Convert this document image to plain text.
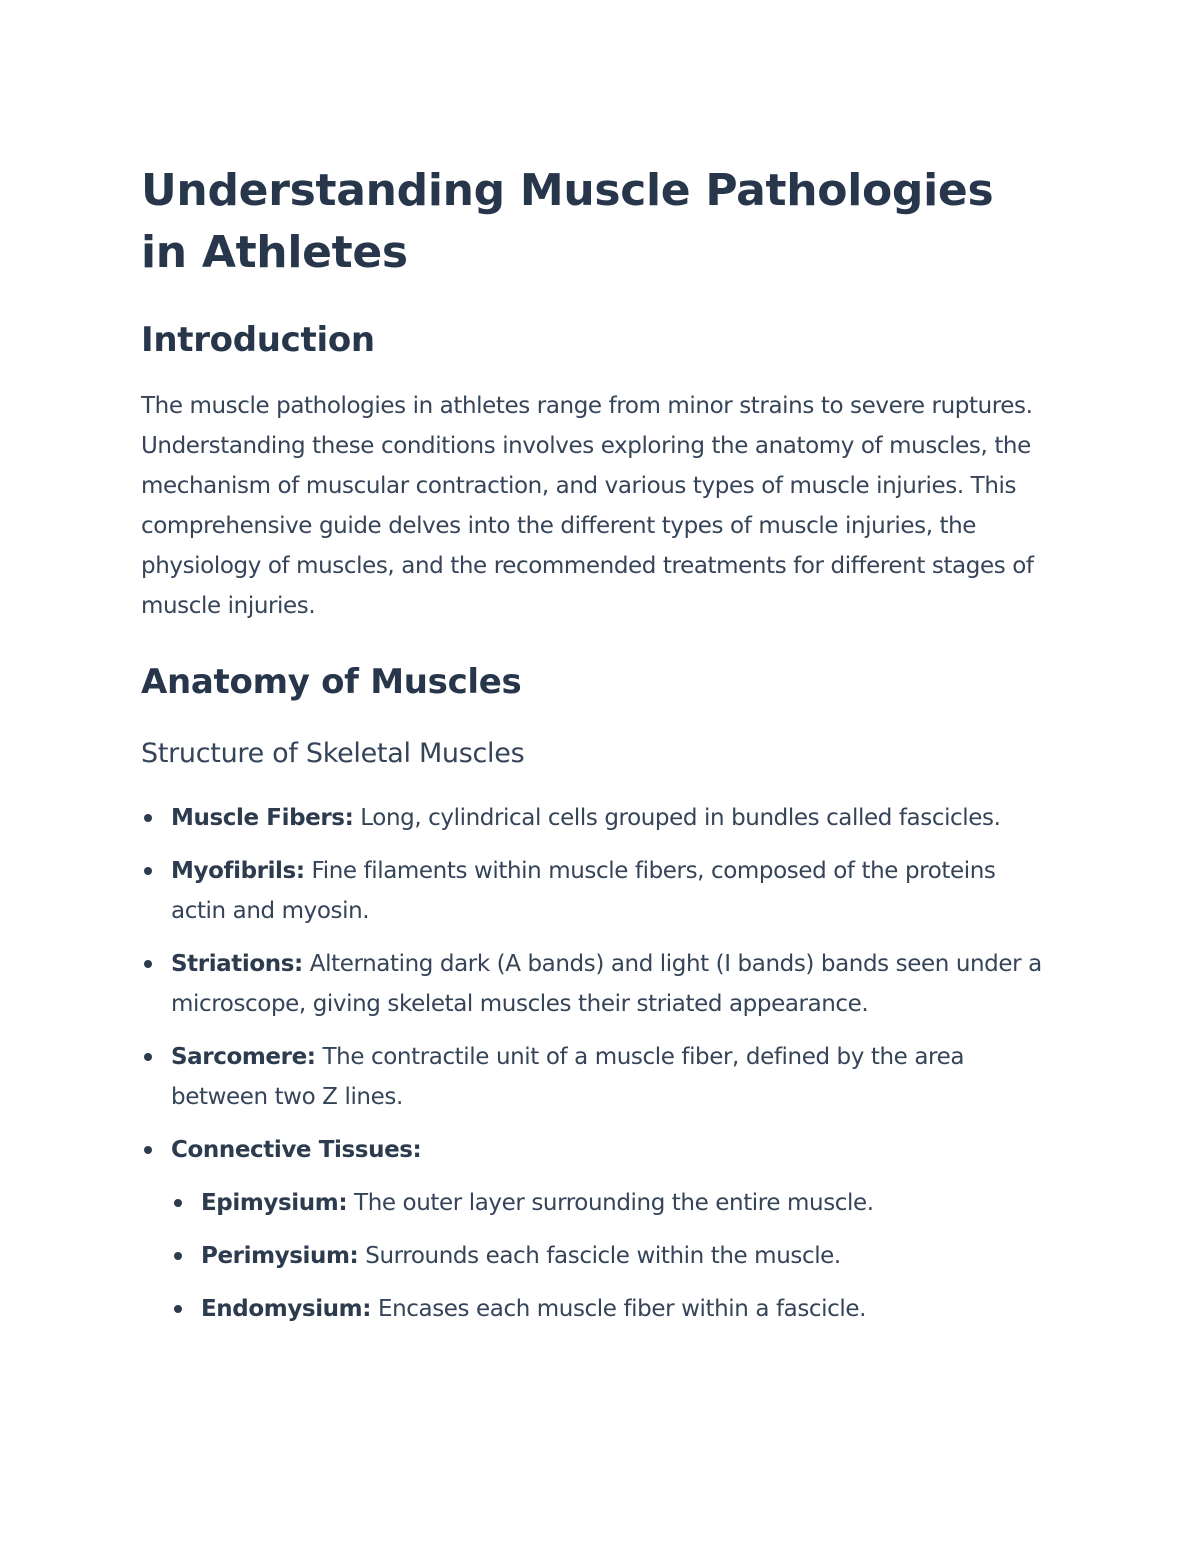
Understanding Muscle Pathologies in Athletes
Introduction

The muscle pathologies in athletes range from minor strains to severe ruptures. Understanding these conditions involves exploring the anatomy of muscles, the mechanism of muscular contraction, and various types of muscle injuries. This comprehensive guide delves into the different types of muscle injuries, the physiology of muscles, and the recommended treatments for different stages of muscle injuries.

Anatomy of Muscles
Structure of Skeletal Muscles
Muscle Fibers: Long, cylindrical cells grouped in bundles called fascicles.
Myofibrils: Fine filaments within muscle fibers, composed of the proteins actin and myosin.
Striations: Alternating dark (A bands) and light (I bands) bands seen under a microscope, giving skeletal muscles their striated appearance.
Sarcomere: The contractile unit of a muscle fiber, defined by the area between two Z lines.
Connective Tissues:
Epimysium: The outer layer surrounding the entire muscle.
Perimysium: Surrounds each fascicle within the muscle.
Endomysium: Encases each muscle fiber within a fascicle.
